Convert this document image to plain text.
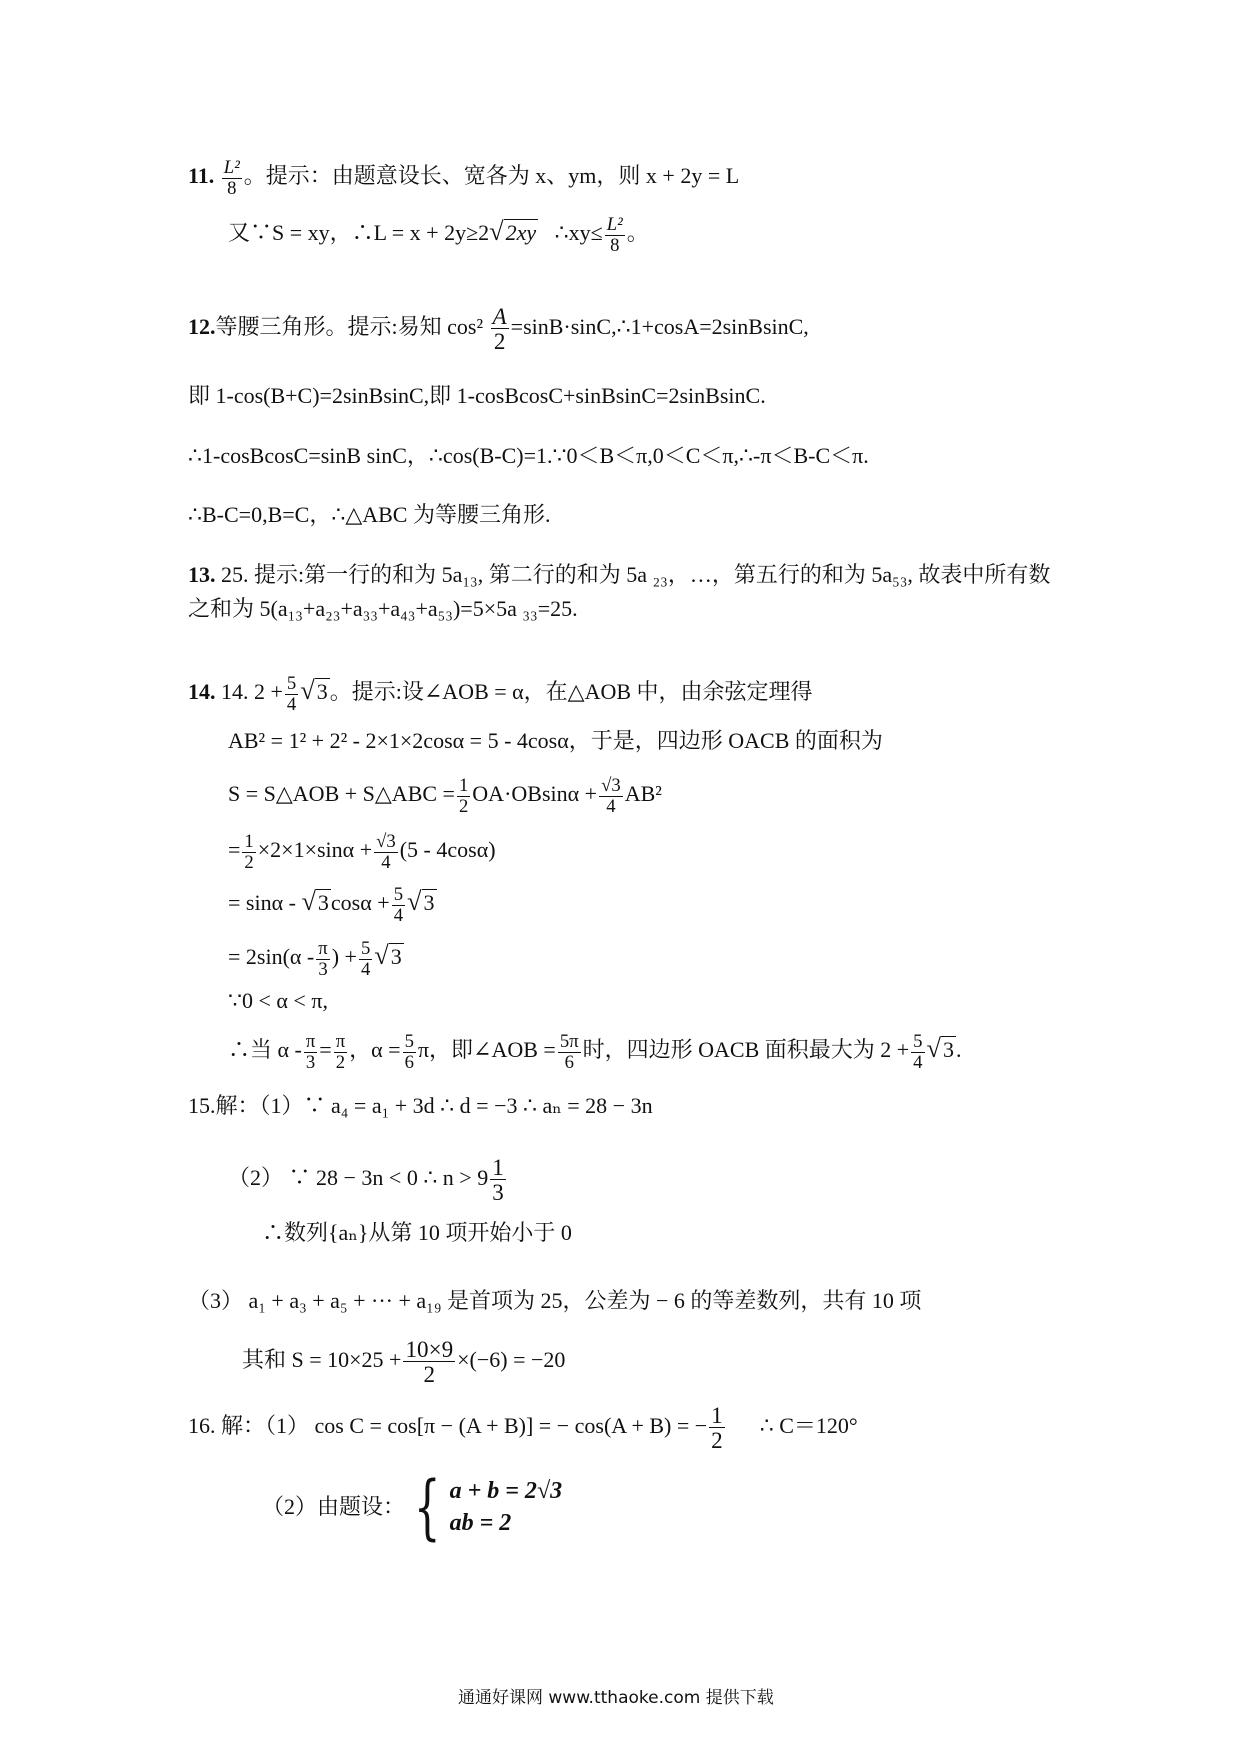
11. $\frac{\text{L²}}{8}$ 。提示：由题意设长、宽各为 x、ym，则 x + 2y = L
又∵S = xy，∴L = x + 2y≥2√2xy ∴xy≤ $\frac{\text{L²}}{8}$ 。
12.等腰三角形。提示:易知 $\cos^2 \frac{A}{2}$ =sinB·sinC,∴1+cosA=2sinBsinC,
即 1-cos(B+C)=2sinBsinC,即 1-cosBcosC+sinBsinC=2sinBsinC.
∴1-cosBcosC=sinB sinC，∴cos(B-C)=1.∵0＜B＜π,0＜C＜π,∴-π＜B-C＜π.
∴B-C=0,B=C，∴△ABC 为等腰三角形.
13. 25. 提示:第一行的和为 5a₁₃, 第二行的和为 5a ₂₃，…，第五行的和为 5a₅₃, 故表中所有数
之和为 5(a₁₃+a₂₃+a₃₃+a₄₃+a₅₃)=5×5a ₃₃=25.
14. 14. $2 + \frac{5}{4} √3$。提示:设∠AOB = α，在△AOB 中，由余弦定理得
AB² = 1² + 2² - 2×1×2cosα = 5 - 4cosα，于是，四边形 OACB 的面积为
S = S△AOB + S△ABC = $\frac{1}{2} OA\cdot OBsin\alpha + \frac{√3}{4} AB^2$
= $\frac{1}{2} \times 2\times 1\times\sin\alpha + \frac{√3}{4} (5 - 4\cos\alpha)$
= $\sin\alpha - √3\cos\alpha + \frac{5}{4} √3$
= $2\sin(\alpha - \frac{\pi}{3}$ ) + $\frac{5}{4} √3$
∵0 < α < π,
∴当 $\alpha - \frac{\pi}{3} = \frac{\pi}{2}$ ，$\alpha = \frac{5}{6}$ π，即∠AOB = $\frac{5\pi}{6}$ 时，四边形 OACB 面积最大为 $2 + \frac{5}{4} √3$.
15.解：（1）∵ a₄ = a₁ + 3d ∴ d = −3 ∴ aₙ = 28 − 3n
（2） ∵ 28 − 3n < 0 ∴ $n > 9 \frac{1}{3}$
∴数列{aₙ}从第 10 项开始小于 0
（3） a₁ + a₃ + a₅ + ··· + a₁₉ 是首项为 25，公差为 − 6 的等差数列，共有 10 项
其和 $S = 10\times 25 + \frac{10\times 9}{2} \times(-6) = -20$
16. 解：（1） cos C = cos[π − (A + B)] = − cos(A + B) = − $\frac{1}{2}$ ∴ C＝120°
（2）由题设： { a + b = 2√3
ab = 2
通通好课网 www.tthaoke.com 提供下载
